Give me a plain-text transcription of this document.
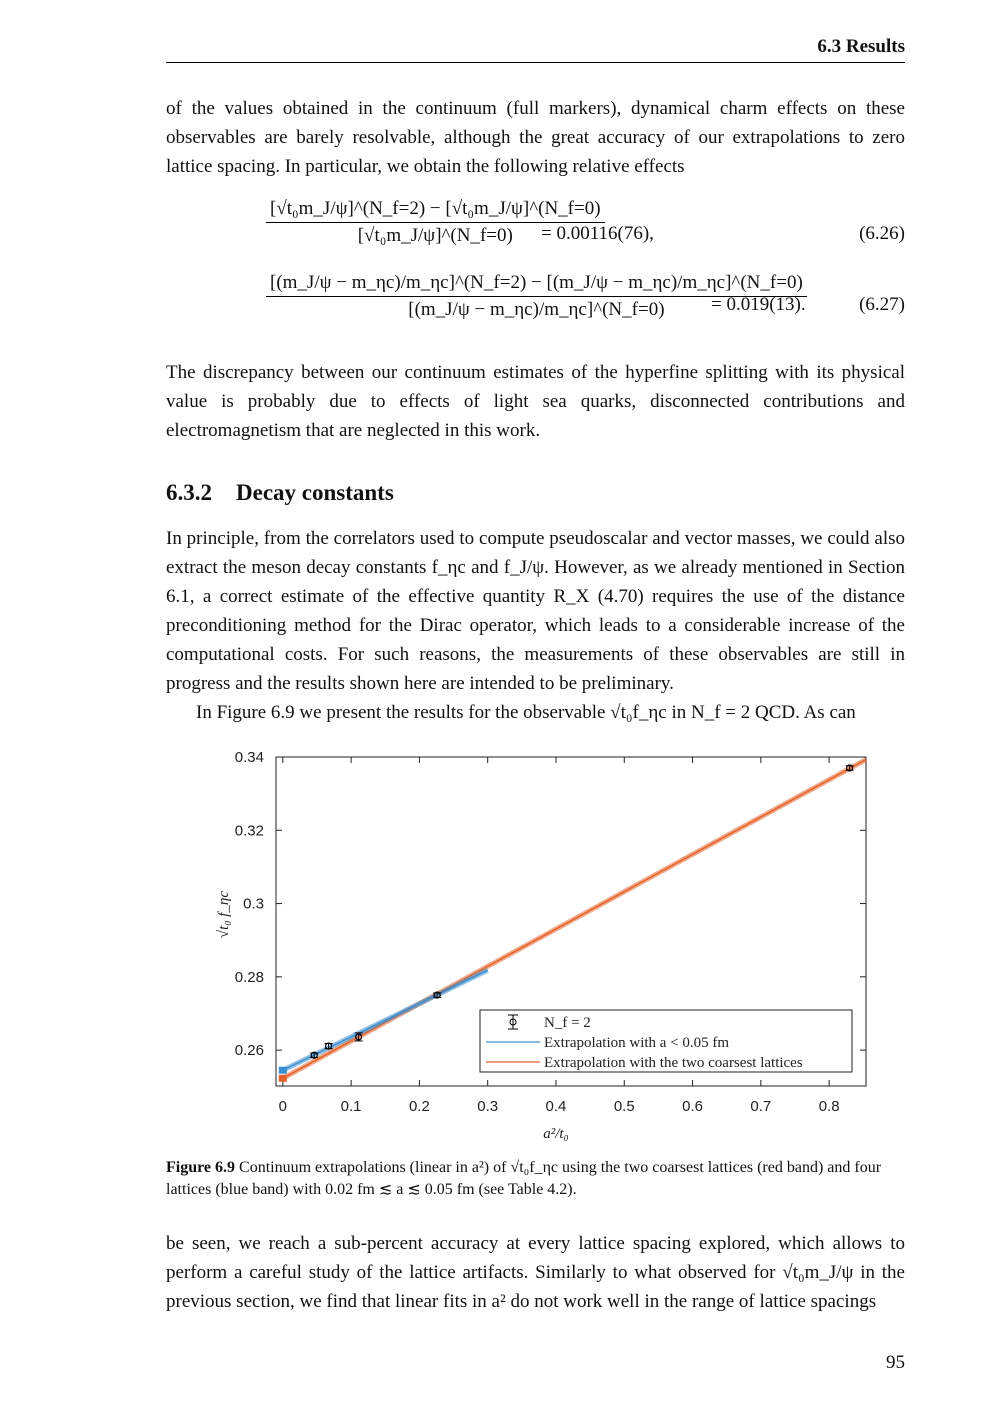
6.3 Results
of the values obtained in the continuum (full markers), dynamical charm effects on these observables are barely resolvable, although the great accuracy of our extrapolations to zero lattice spacing. In particular, we obtain the following relative effects
$\frac{\text{[√t₀m\_J/ψ]\textasciicircum{}(N\_f=2) − [√t₀m\_J/ψ]\textasciicircum{}(N\_f=0)}}{\text{[√t₀m\_J/ψ]\textasciicircum{}(N\_f=0)}}$
= 0.00116(76),	(6.26)
[(m_J/ψ − m_ηc)/m_ηc]^(N_f=2) − [(m_J/ψ − m_ηc)/m_ηc]^(N_f=0)
[(m_J/ψ − m_ηc)/m_ηc]^(N_f=0)	= 0.019(13).	(6.27)
The discrepancy between our continuum estimates of the hyperfine splitting with its physical value is probably due to effects of light sea quarks, disconnected contributions and electromagnetism that are neglected in this work.
6.3.2 Decay constants
In principle, from the correlators used to compute pseudoscalar and vector masses, we could also extract the meson decay constants f_ηc and f_J/ψ. However, as we already mentioned in Section 6.1, a correct estimate of the effective quantity R_X (4.70) requires the use of the distance preconditioning method for the Dirac operator, which leads to a considerable increase of the computational costs. For such reasons, the measurements of these observables are still in progress and the results shown here are intended to be preliminary.
In Figure 6.9 we present the results for the observable √t₀f_ηc in N_f = 2 QCD. As can
0	0.1	0.2	0.3	0.4	0.5	0.6	0.7	0.8
0.26
0.28
0.3
0.32
0.34
a²/t₀
√t₀ f_ηc
N_f = 2
Extrapolation with a < 0.05 fm
Extrapolation with the two coarsest lattices
Figure 6.9 Continuum extrapolations (linear in a²) of √t₀f_ηc using the two coarsest lattices (red band) and four lattices (blue band) with 0.02 fm ≲ a ≲ 0.05 fm (see Table 4.2).
be seen, we reach a sub-percent accuracy at every lattice spacing explored, which allows to perform a careful study of the lattice artifacts. Similarly to what observed for √t₀m_J/ψ in the previous section, we find that linear fits in a² do not work well in the range of lattice spacings
95
